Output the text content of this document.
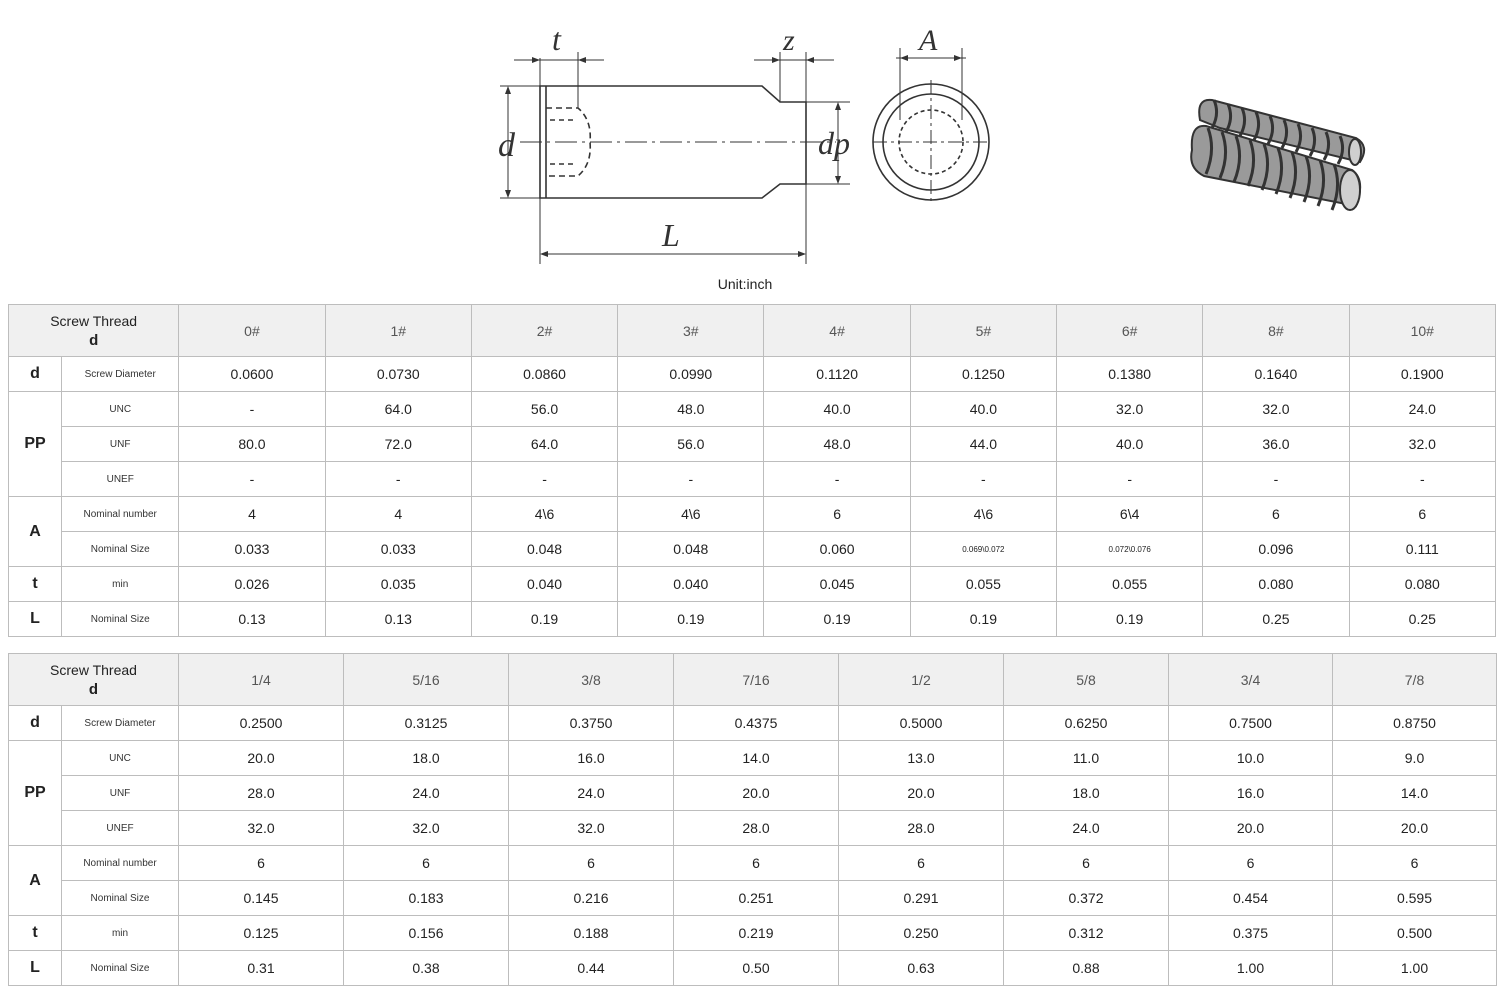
t	z	A
d	dp
L
Unit:inch
Screw Thread
d		0#	1#	2#	3#	4#	5#	6#	8#	10#
d	Screw Diameter	0.0600	0.0730	0.0860	0.0990	0.1120	0.1250	0.1380	0.1640	0.1900
PP	UNC	-	64.0	56.0	48.0	40.0	40.0	32.0	32.0	24.0
	UNF	80.0	72.0	64.0	56.0	48.0	44.0	40.0	36.0	32.0
	UNEF	-	-	-	-	-	-	-	-	-
A	Nominal number	4	4	4\6	4\6	6	4\6	6\4	6	6
	Nominal Size	0.033	0.033	0.048	0.048	0.060	0.069\0.072	0.072\0.076	0.096	0.111
t	min	0.026	0.035	0.040	0.040	0.045	0.055	0.055	0.080	0.080
L	Nominal Size	0.13	0.13	0.19	0.19	0.19	0.19	0.19	0.25	0.25
Screw Thread
d		1/4	5/16	3/8	7/16	1/2	5/8	3/4	7/8
d	Screw Diameter	0.2500	0.3125	0.3750	0.4375	0.5000	0.6250	0.7500	0.8750
PP	UNC	20.0	18.0	16.0	14.0	13.0	11.0	10.0	9.0
	UNF	28.0	24.0	24.0	20.0	20.0	18.0	16.0	14.0
	UNEF	32.0	32.0	32.0	28.0	28.0	24.0	20.0	20.0
A	Nominal number	6	6	6	6	6	6	6	6
	Nominal Size	0.145	0.183	0.216	0.251	0.291	0.372	0.454	0.595
t	min	0.125	0.156	0.188	0.219	0.250	0.312	0.375	0.500
L	Nominal Size	0.31	0.38	0.44	0.50	0.63	0.88	1.00	1.00
